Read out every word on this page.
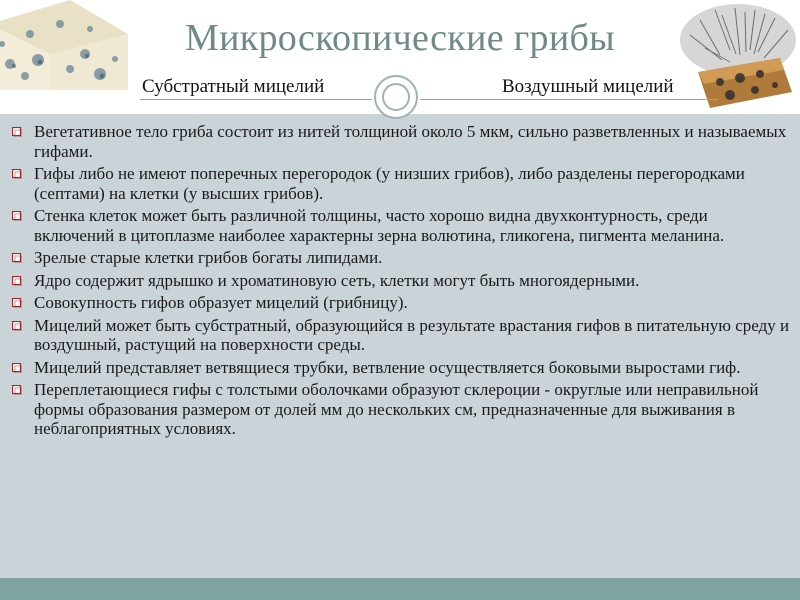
Микроскопические грибы
Субстратный мицелий	Воздушный мицелий
Вегетативное тело гриба состоит из нитей толщиной около 5 мкм, сильно разветвленных и называемых гифами.
Гифы либо не имеют поперечных перегородок (у низших грибов), либо разделены перегородками (септами) на клетки (у высших грибов).
Стенка клеток может быть различной толщины, часто хорошо видна двухконтурность, среди включений в цитоплазме наиболее характерны зерна волютина, гликогена, пигмента меланина.
Зрелые старые клетки грибов богаты липидами.
Ядро содержит ядрышко и хроматиновую сеть, клетки могут быть многоядерными.
Совокупность гифов образует мицелий (грибницу).
Мицелий может быть субстратный, образующийся в результате врастания гифов в питательную среду и воздушный, растущий на поверхности среды.
Мицелий представляет ветвящиеся трубки, ветвление осуществляется боковыми выростами гиф.
Переплетающиеся гифы с толстыми оболочками образуют склероции - округлые или неправильной формы образования размером от долей мм до нескольких см, предназначенные для выживания в неблагоприятных условиях.
